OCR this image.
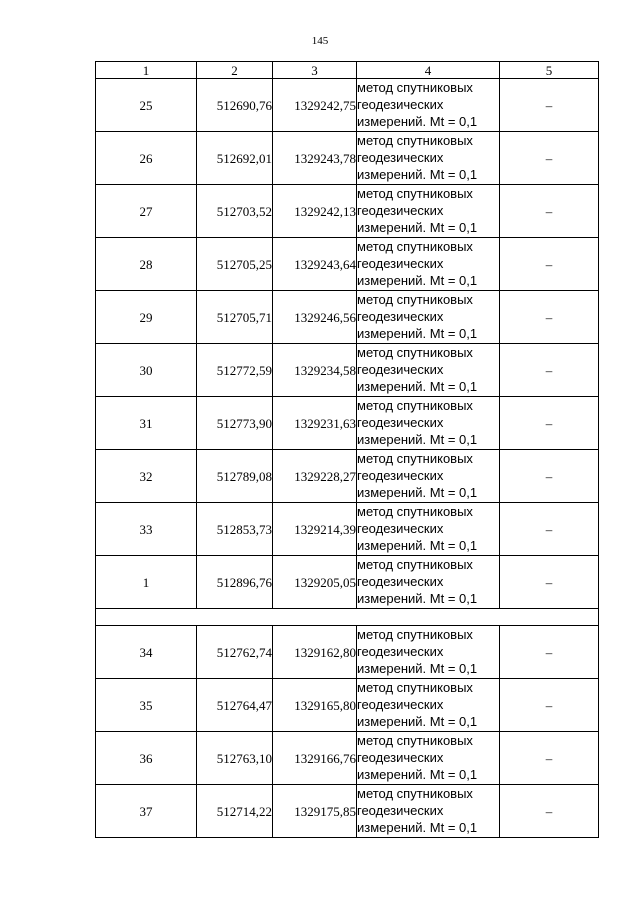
145
1	2	3	4	5
25	512690,76	1329242,75	метод спутниковых
геодезических
измерений. Mt = 0,1	–
26	512692,01	1329243,78	метод спутниковых
геодезических
измерений. Mt = 0,1	–
27	512703,52	1329242,13	метод спутниковых
геодезических
измерений. Mt = 0,1	–
28	512705,25	1329243,64	метод спутниковых
геодезических
измерений. Mt = 0,1	–
29	512705,71	1329246,56	метод спутниковых
геодезических
измерений. Mt = 0,1	–
30	512772,59	1329234,58	метод спутниковых
геодезических
измерений. Mt = 0,1	–
31	512773,90	1329231,63	метод спутниковых
геодезических
измерений. Mt = 0,1	–
32	512789,08	1329228,27	метод спутниковых
геодезических
измерений. Mt = 0,1	–
33	512853,73	1329214,39	метод спутниковых
геодезических
измерений. Mt = 0,1	–
1	512896,76	1329205,05	метод спутниковых
геодезических
измерений. Mt = 0,1	–

34	512762,74	1329162,80	метод спутниковых
геодезических
измерений. Mt = 0,1	–
35	512764,47	1329165,80	метод спутниковых
геодезических
измерений. Mt = 0,1	–
36	512763,10	1329166,76	метод спутниковых
геодезических
измерений. Mt = 0,1	–
37	512714,22	1329175,85	метод спутниковых
геодезических
измерений. Mt = 0,1	–
